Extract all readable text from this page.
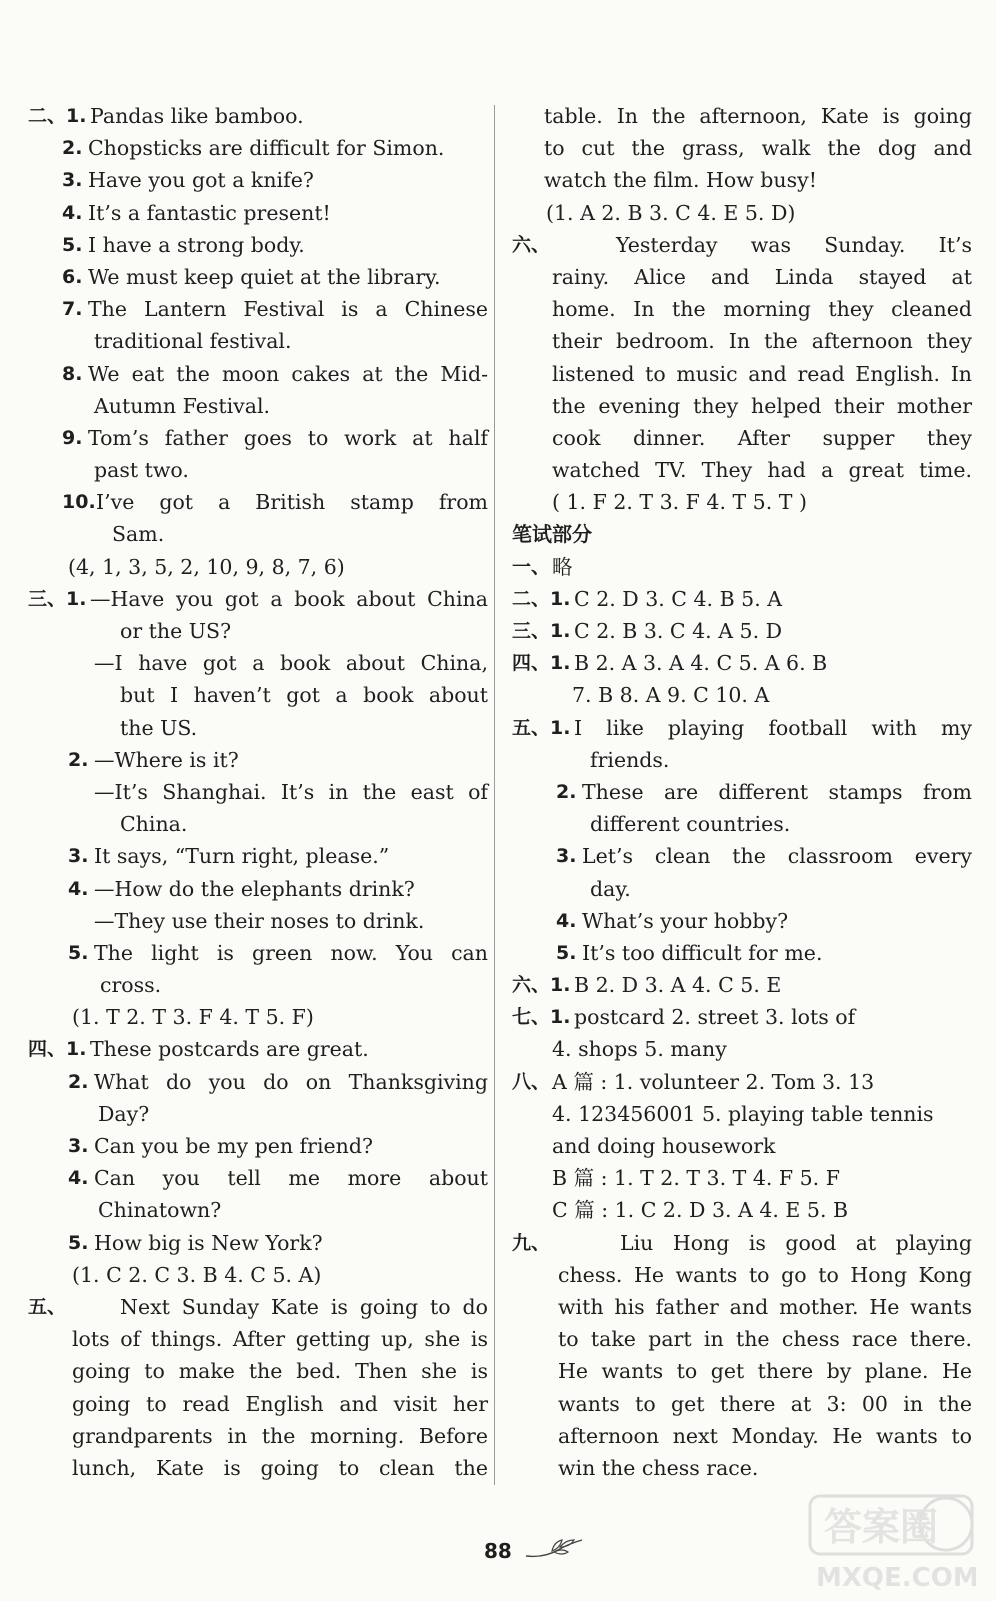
二、1. Pandas like bamboo.
2. Chopsticks are difficult for Simon.
3. Have you got a knife?
4. It’s a fantastic present!
5. I have a strong body.
6. We must keep quiet at the library.
7. The Lantern Festival is a Chinese
traditional festival.
8. We eat the moon cakes at the Mid-
Autumn Festival.
9. Tom’s father goes to work at half
past two.
10. I’ve got a British stamp from
Sam.
(4, 1, 3, 5, 2, 10, 9, 8, 7, 6)
三、1. —Have you got a book about China
or the US?
—I have got a book about China,
but I haven’t got a book about
the US.
2. —Where is it?
—It’s Shanghai. It’s in the east of
China.
3. It says, “Turn right, please.”
4. —How do the elephants drink?
—They use their noses to drink.
5. The light is green now. You can
cross.
(1. T 2. T 3. F 4. T 5. F)
四、1. These postcards are great.
2. What do you do on Thanksgiving
Day?
3. Can you be my pen friend?
4. Can you tell me more about
Chinatown?
5. How big is New York?
(1. C 2. C 3. B 4. C 5. A)
五、	Next Sunday Kate is going to do
lots of things. After getting up, she is
going to make the bed. Then she is
going to read English and visit her
grandparents in the morning. Before
lunch, Kate is going to clean the
table. In the afternoon, Kate is going
to cut the grass, walk the dog and
watch the film. How busy!
(1. A 2. B 3. C 4. E 5. D)
六、	Yesterday was Sunday. It’s
rainy. Alice and Linda stayed at
home. In the morning they cleaned
their bedroom. In the afternoon they
listened to music and read English. In
the evening they helped their mother
cook dinner. After supper they
watched TV. They had a great time.
( 1. F 2. T 3. F 4. T 5. T )
笔试部分
一、 略
二、1. C 2. D 3. C 4. B 5. A
三、1. C 2. B 3. C 4. A 5. D
四、1. B 2. A 3. A 4. C 5. A 6. B
7. B 8. A 9. C 10. A
五、1. I like playing football with my
friends.
2. These are different stamps from
different countries.
3. Let’s clean the classroom every
day.
4. What’s your hobby?
5. It’s too difficult for me.
六、1. B 2. D 3. A 4. C 5. E
七、1. postcard 2. street 3. lots of
4. shops 5. many
八、 A 篇 : 1. volunteer 2. Tom 3. 13
4. 123456001 5. playing table tennis
and doing housework
B 篇 : 1. T 2. T 3. T 4. F 5. F
C 篇 : 1. C 2. D 3. A 4. E 5. B
九、	Liu Hong is good at playing
chess. He wants to go to Hong Kong
with his father and mother. He wants
to take part in the chess race there.
He wants to get there by plane. He
wants to get there at 3: 00 in the
afternoon next Monday. He wants to
win the chess race.
88
答案圈
MXQE.COM
